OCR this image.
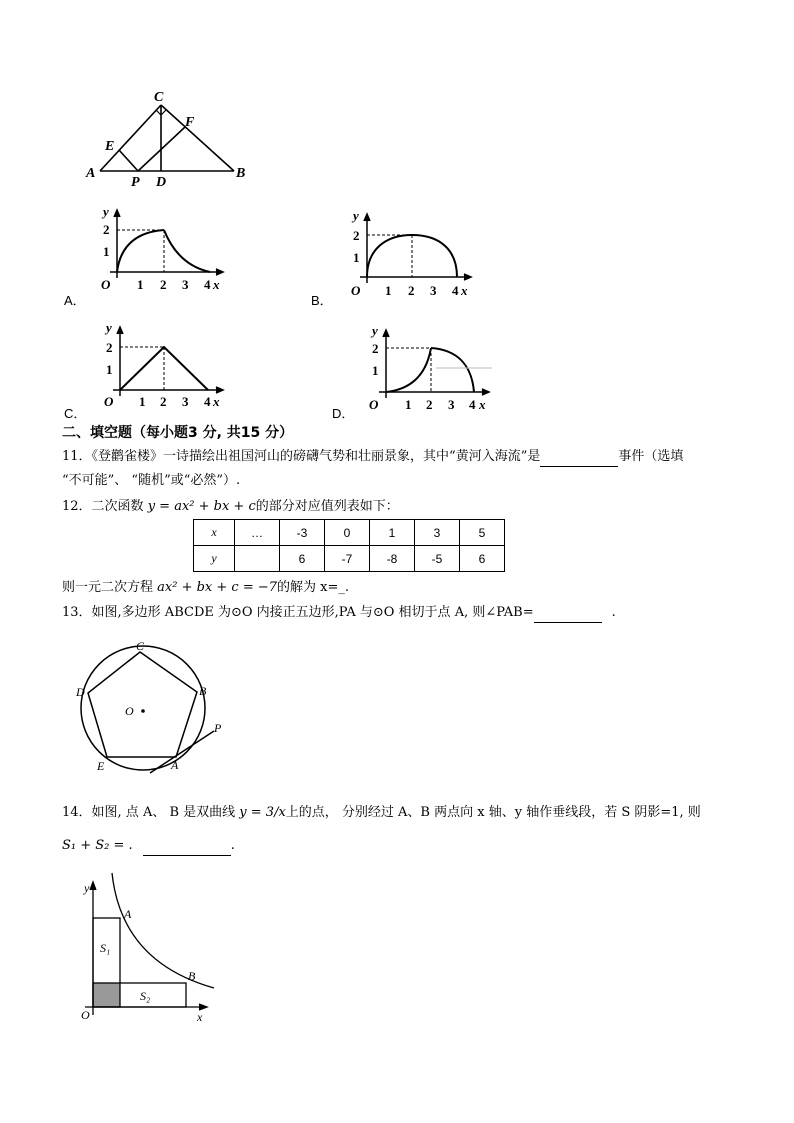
C
F
E
A
P D
B
y
2
1
O 1 2 3 4 x
A．
y
2
1
O 1 2 3 4 x
B．
y
2
1
O 1 2 3 4 x
C．
y
2
1
O 1 2 3 4 x
D．
二、填空题（每小题3 分, 共15 分）
11．《登鹳雀楼》一诗描绘出祖国河山的磅礴气势和壮丽景象，其中“黄河入海流”是	事件（选填
“不可能”、 “随机”或“必然”）.
12．二次函数 y = ax² + bx + c的部分对应值列表如下：
x	…	-3	0	1	3	5
y		6	-7	-8	-5	6
则一元二次方程 ax² + bx + c = −7的解为 x=_.
13．如图,多边形 ABCDE 为⊙O 内接正五边形,PA 与⊙O 相切于点 A, 则∠PAB=	.
C
B
D
O
P
E	A
14．如图, 点 A、 B 是双曲线 y = 3/x上的点， 分别经过 A、B 两点向 x 轴、y 轴作垂线段，若 S 阴影=1, 则
S₁ + S₂ = .	.
y
A
S₁
B
S₂
O	x
